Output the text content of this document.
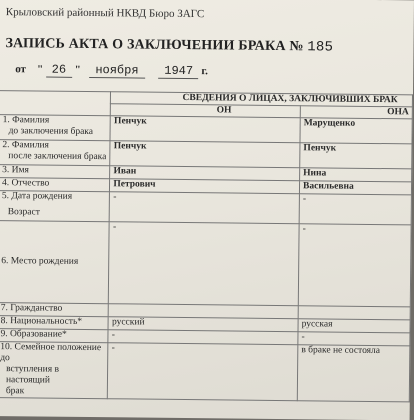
Крыловский районный НКВД Бюро ЗАГС
ЗАПИСЬ АКТА О ЗАКЛЮЧЕНИИ БРАКА № 185
от " 26 " ноября 1947 г.
	СВЕДЕНИЯ О ЛИЦАХ, ЗАКЛЮЧИВШИХ БРАК	
	ОН	ОНА

1. Фамилия
до заключения брака	Пенчук	Марущенко

2. Фамилия
после заключения брака	Пенчук	Пенчук
3. Имя	Иван	Нина
4. Отчество	Петрович	Васильевна

5. Дата рождения
Возраст	-	-
6. Место рождения	-	-
7. Гражданство		
8. Национальность*	русский	русская
9. Образование*	-	-

10. Семейное положение до
вступления в настоящий
брак	-	в браке не состояла
